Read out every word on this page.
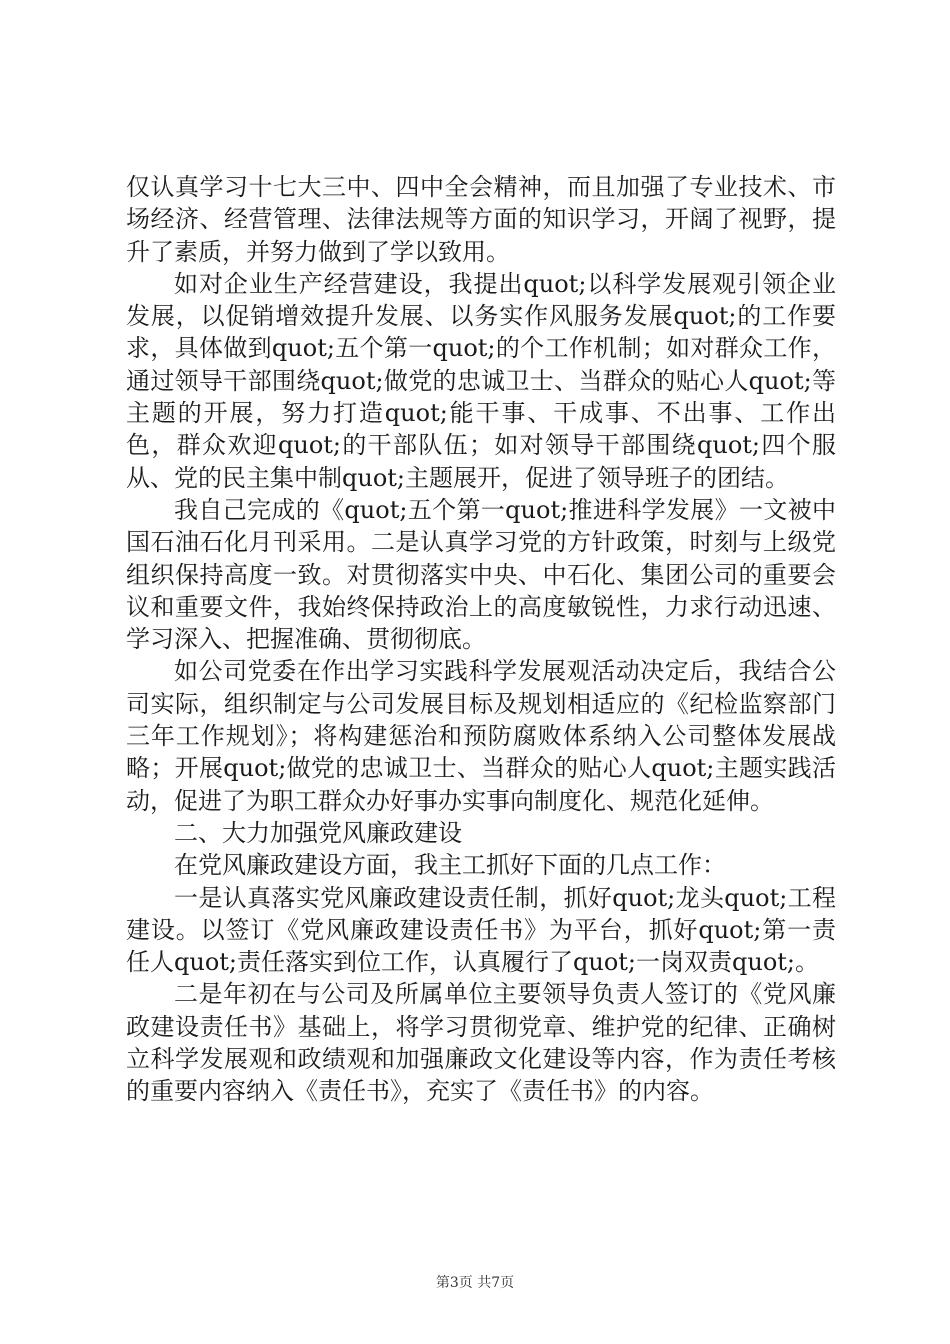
仅认真学习十七大三中、四中全会精神，而且加强了专业技术、市场经济、经营管理、法律法规等方面的知识学习，开阔了视野，提升了素质，并努力做到了学以致用。

如对企业生产经营建设，我提出quot;以科学发展观引领企业发展，以促销增效提升发展、以务实作风服务发展quot;的工作要求，具体做到quot;五个第一quot;的个工作机制；如对群众工作，通过领导干部围绕quot;做党的忠诚卫士、当群众的贴心人quot;等主题的开展，努力打造quot;能干事、干成事、不出事、工作出色，群众欢迎quot;的干部队伍；如对领导干部围绕quot;四个服从、党的民主集中制quot;主题展开，促进了领导班子的团结。

我自己完成的《quot;五个第一quot;推进科学发展》一文被中国石油石化月刊采用。二是认真学习党的方针政策，时刻与上级党组织保持高度一致。对贯彻落实中央、中石化、集团公司的重要会议和重要文件，我始终保持政治上的高度敏锐性，力求行动迅速、学习深入、把握准确、贯彻彻底。

如公司党委在作出学习实践科学发展观活动决定后，我结合公司实际，组织制定与公司发展目标及规划相适应的《纪检监察部门三年工作规划》；将构建惩治和预防腐败体系纳入公司整体发展战略；开展quot;做党的忠诚卫士、当群众的贴心人quot;主题实践活动，促进了为职工群众办好事办实事向制度化、规范化延伸。

二、大力加强党风廉政建设

在党风廉政建设方面，我主工抓好下面的几点工作：

一是认真落实党风廉政建设责任制，抓好quot;龙头quot;工程建设。以签订《党风廉政建设责任书》为平台，抓好quot;第一责任人quot;责任落实到位工作，认真履行了quot;一岗双责quot;。

二是年初在与公司及所属单位主要领导负责人签订的《党风廉政建设责任书》基础上，将学习贯彻党章、维护党的纪律、正确树立科学发展观和政绩观和加强廉政文化建设等内容，作为责任考核的重要内容纳入《责任书》，充实了《责任书》的内容。

第3页 共7页
